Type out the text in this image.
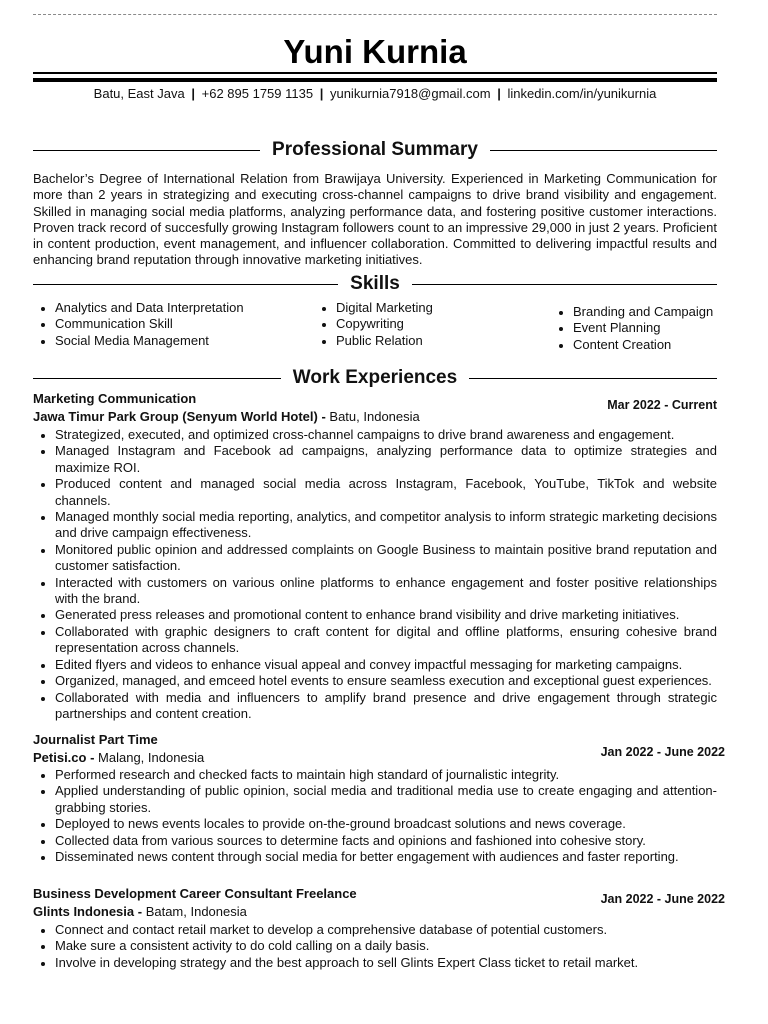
Yuni Kurnia
Batu, East Java | +62 895 1759 1135 | yunikurnia7918@gmail.com | linkedin.com/in/yunikurnia
Professional Summary
Bachelor’s Degree of International Relation from Brawijaya University. Experienced in Marketing Communication for more than 2 years in strategizing and executing cross-channel campaigns to drive brand visibility and engagement. Skilled in managing social media platforms, analyzing performance data, and fostering positive customer interactions. Proven track record of succesfully growing Instagram followers count to an impressive 29,000 in just 2 years. Proficient in content production, event management, and influencer collaboration. Committed to delivering impactful results and enhancing brand reputation through innovative marketing initiatives.
Skills
Analytics and Data Interpretation
Communication Skill
Social Media Management
Digital Marketing
Copywriting
Public Relation
Branding and Campaign
Event Planning
Content Creation
Work Experiences
Marketing Communication	Mar 2022 - Current
Jawa Timur Park Group (Senyum World Hotel) - Batu, Indonesia
Strategized, executed, and optimized cross-channel campaigns to drive brand awareness and engagement.
Managed Instagram and Facebook ad campaigns, analyzing performance data to optimize strategies and maximize ROI.
Produced content and managed social media across Instagram, Facebook, YouTube, TikTok and website channels.
Managed monthly social media reporting, analytics, and competitor analysis to inform strategic marketing decisions and drive campaign effectiveness.
Monitored public opinion and addressed complaints on Google Business to maintain positive brand reputation and customer satisfaction.
Interacted with customers on various online platforms to enhance engagement and foster positive relationships with the brand.
Generated press releases and promotional content to enhance brand visibility and drive marketing initiatives.
Collaborated with graphic designers to craft content for digital and offline platforms, ensuring cohesive brand representation across channels.
Edited flyers and videos to enhance visual appeal and convey impactful messaging for marketing campaigns.
Organized, managed, and emceed hotel events to ensure seamless execution and exceptional guest experiences.
Collaborated with media and influencers to amplify brand presence and drive engagement through strategic partnerships and content creation.
Journalist Part Time
Jan 2022 - June 2022
Petisi.co - Malang, Indonesia
Performed research and checked facts to maintain high standard of journalistic integrity.
Applied understanding of public opinion, social media and traditional media use to create engaging and attention-grabbing stories.
Deployed to news events locales to provide on-the-ground broadcast solutions and news coverage.
Collected data from various sources to determine facts and opinions and fashioned into cohesive story.
Disseminated news content through social media for better engagement with audiences and faster reporting.
Business Development Career Consultant Freelance	Jan 2022 - June 2022
Glints Indonesia - Batam, Indonesia
Connect and contact retail market to develop a comprehensive database of potential customers.
Make sure a consistent activity to do cold calling on a daily basis.
Involve in developing strategy and the best approach to sell Glints Expert Class ticket to retail market.
